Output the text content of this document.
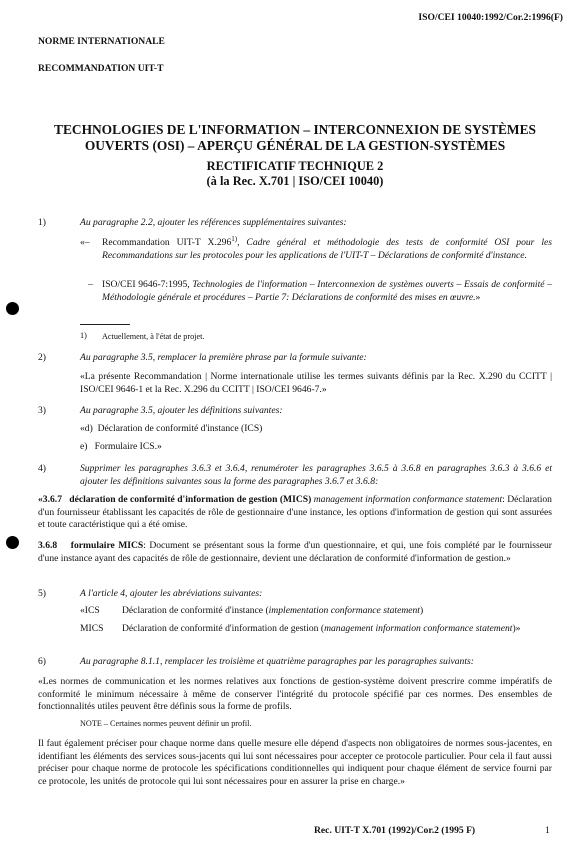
ISO/CEI 10040:1992/Cor.2:1996(F)
NORME INTERNATIONALE
RECOMMANDATION UIT-T
TECHNOLOGIES DE L'INFORMATION – INTERCONNEXION DE SYSTÈMES
OUVERTS (OSI) – APERÇU GÉNÉRAL DE LA GESTION-SYSTÈMES
RECTIFICATIF TECHNIQUE 2
(à la Rec. X.701 | ISO/CEI 10040)
1)	Au paragraphe 2.2, ajouter les références supplémentaires suivantes:
«– Recommandation UIT-T X.296$^{1)}$, Cadre général et méthodologie des tests de conformité OSI pour les Recommandations sur les protocoles pour les applications de l'UIT-T – Déclarations de conformité d'instance.
– ISO/CEI 9646-7:1995, Technologies de l'information – Interconnexion de systèmes ouverts – Essais de conformité – Méthodologie générale et procédures – Partie 7: Déclarations de conformité des mises en œuvre.»
1) Actuellement, à l'état de projet.
2)	Au paragraphe 3.5, remplacer la première phrase par la formule suivante:
«La présente Recommandation | Norme internationale utilise les termes suivants définis par la Rec. X.290 du CCITT | ISO/CEI 9646-1 et la Rec. X.296 du CCITT | ISO/CEI 9646-7.»
3)	Au paragraphe 3.5, ajouter les définitions suivantes:
«d)  Déclaration de conformité d'instance (ICS)
e)   Formulaire ICS.»
4)	Supprimer les paragraphes 3.6.3 et 3.6.4, renuméroter les paragraphes 3.6.5 à 3.6.8 en paragraphes 3.6.3 à 3.6.6 et ajouter les définitions suivantes sous la forme des paragraphes 3.6.7 et 3.6.8:
«3.6.7 déclaration de conformité d'information de gestion (MICS) management information conformance statement: Déclaration d'un fournisseur établissant les capacités de rôle de gestionnaire d'une instance, les options d'information de gestion qui sont assurées et toute caractéristique qui a été omise.
3.6.8 formulaire MICS: Document se présentant sous la forme d'un questionnaire, et qui, une fois complété par le fournisseur d'une instance ayant des capacités de rôle de gestionnaire, devient une déclaration de conformité d'information de gestion.»
5)	A l'article 4, ajouter les abréviations suivantes:
«ICS Déclaration de conformité d'instance (implementation conformance statement)
MICS Déclaration de conformité d'information de gestion (management information conformance statement)»
6)	Au paragraphe 8.1.1, remplacer les troisième et quatrième paragraphes par les paragraphes suivants:
«Les normes de communication et les normes relatives aux fonctions de gestion-système doivent prescrire comme impératifs de conformité le minimum nécessaire à même de conserver l'intégrité du protocole spécifié par ces normes. Des ensembles de fonctionnalités utiles peuvent être définis sous la forme de profils.
NOTE – Certaines normes peuvent définir un profil.
Il faut également préciser pour chaque norme dans quelle mesure elle dépend d'aspects non obligatoires de normes sous-jacentes, en identifiant les éléments des services sous-jacents qui lui sont nécessaires pour accepter ce protocole particulier. Pour cela il faut aussi préciser pour chaque norme de protocole les spécifications conditionnelles qui indiquent pour chaque élément de service fourni par ce protocole, les unités de protocole qui lui sont nécessaires pour en assurer la prise en charge.»
Rec. UIT-T X.701 (1992)/Cor.2 (1995 F)	1
